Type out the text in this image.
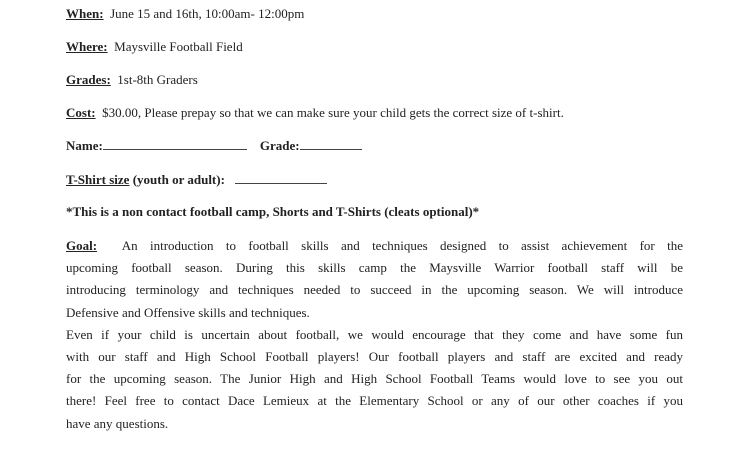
When: June 15 and 16th, 10:00am- 12:00pm
Where: Maysville Football Field
Grades: 1st-8th Graders
Cost: $30.00, Please prepay so that we can make sure your child gets the correct size of t-shirt.
Name:	Grade:
T-Shirt size (youth or adult):
*This is a non contact football camp, Shorts and T-Shirts (cleats optional)*
Goal: An introduction to football skills and techniques designed to assist achievement for the
upcoming football season. During this skills camp the Maysville Warrior football staff will be
introducing terminology and techniques needed to succeed in the upcoming season. We will introduce
Defensive and Offensive skills and techniques.
Even if your child is uncertain about football, we would encourage that they come and have some fun
with our staff and High School Football players! Our football players and staff are excited and ready
for the upcoming season. The Junior High and High School Football Teams would love to see you out
there! Feel free to contact Dace Lemieux at the Elementary School or any of our other coaches if you
have any questions.
